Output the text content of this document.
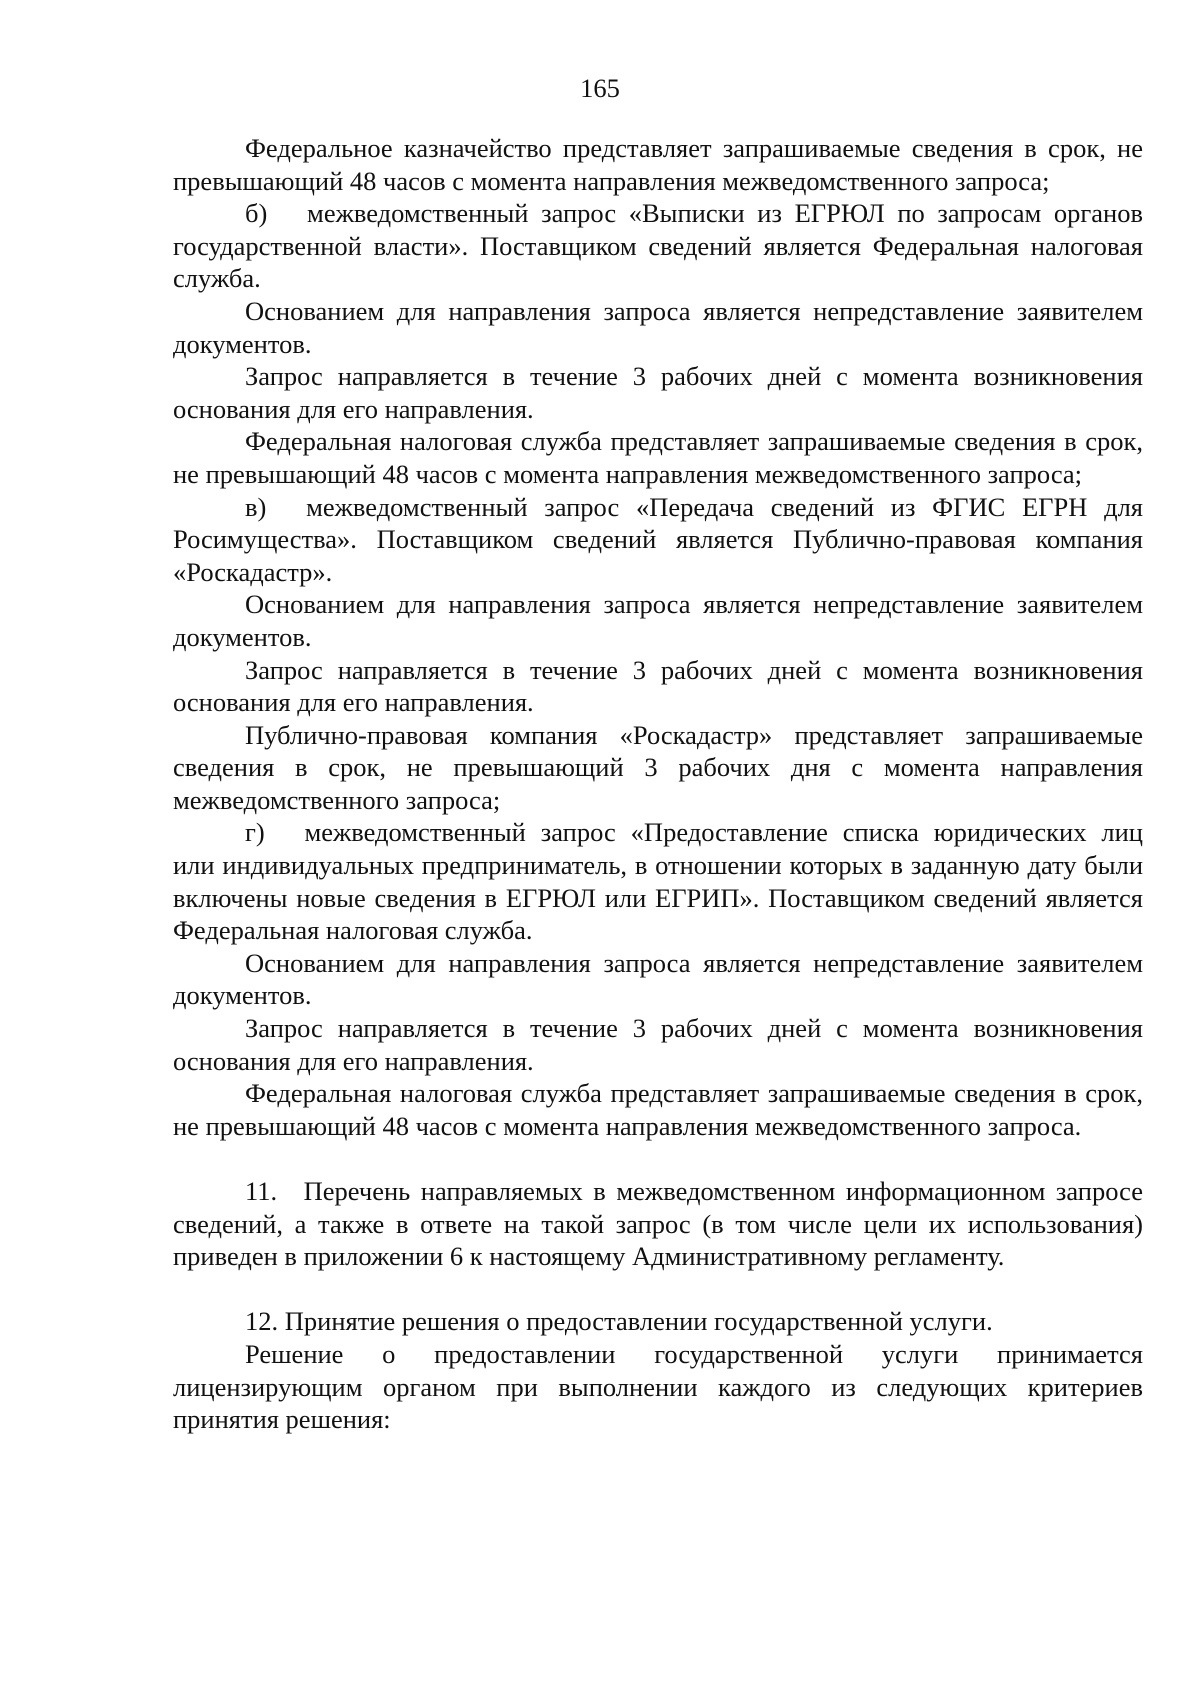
165

Федеральное казначейство представляет запрашиваемые сведения в срок, не превышающий 48 часов с момента направления межведомственного запроса;

б)  межведомственный запрос «Выписки из ЕГРЮЛ по запросам органов государственной власти». Поставщиком сведений является Федеральная налоговая служба.

Основанием для направления запроса является непредставление заявителем документов.

Запрос направляется в течение 3 рабочих дней с момента возникновения основания для его направления.

Федеральная налоговая служба представляет запрашиваемые сведения в срок, не превышающий 48 часов с момента направления межведомственного запроса;

в)  межведомственный запрос «Передача сведений из ФГИС ЕГРН для Росимущества». Поставщиком сведений является Публично-правовая компания «Роскадастр».

Основанием для направления запроса является непредставление заявителем документов.

Запрос направляется в течение 3 рабочих дней с момента возникновения основания для его направления.

Публично-правовая компания «Роскадастр» представляет запрашиваемые сведения в срок, не превышающий 3 рабочих дня с момента направления межведомственного запроса;

г)  межведомственный запрос «Предоставление списка юридических лиц или индивидуальных предприниматель, в отношении которых в заданную дату были включены новые сведения в ЕГРЮЛ или ЕГРИП». Поставщиком сведений является Федеральная налоговая служба.

Основанием для направления запроса является непредставление заявителем документов.

Запрос направляется в течение 3 рабочих дней с момента возникновения основания для его направления.

Федеральная налоговая служба представляет запрашиваемые сведения в срок, не превышающий 48 часов с момента направления межведомственного запроса.

11. Перечень направляемых в межведомственном информационном запросе сведений, а также в ответе на такой запрос (в том числе цели их использования) приведен в приложении 6 к настоящему Административному регламенту.

12. Принятие решения о предоставлении государственной услуги.

Решение о предоставлении государственной услуги принимается лицензирующим органом при выполнении каждого из следующих критериев принятия решения:
